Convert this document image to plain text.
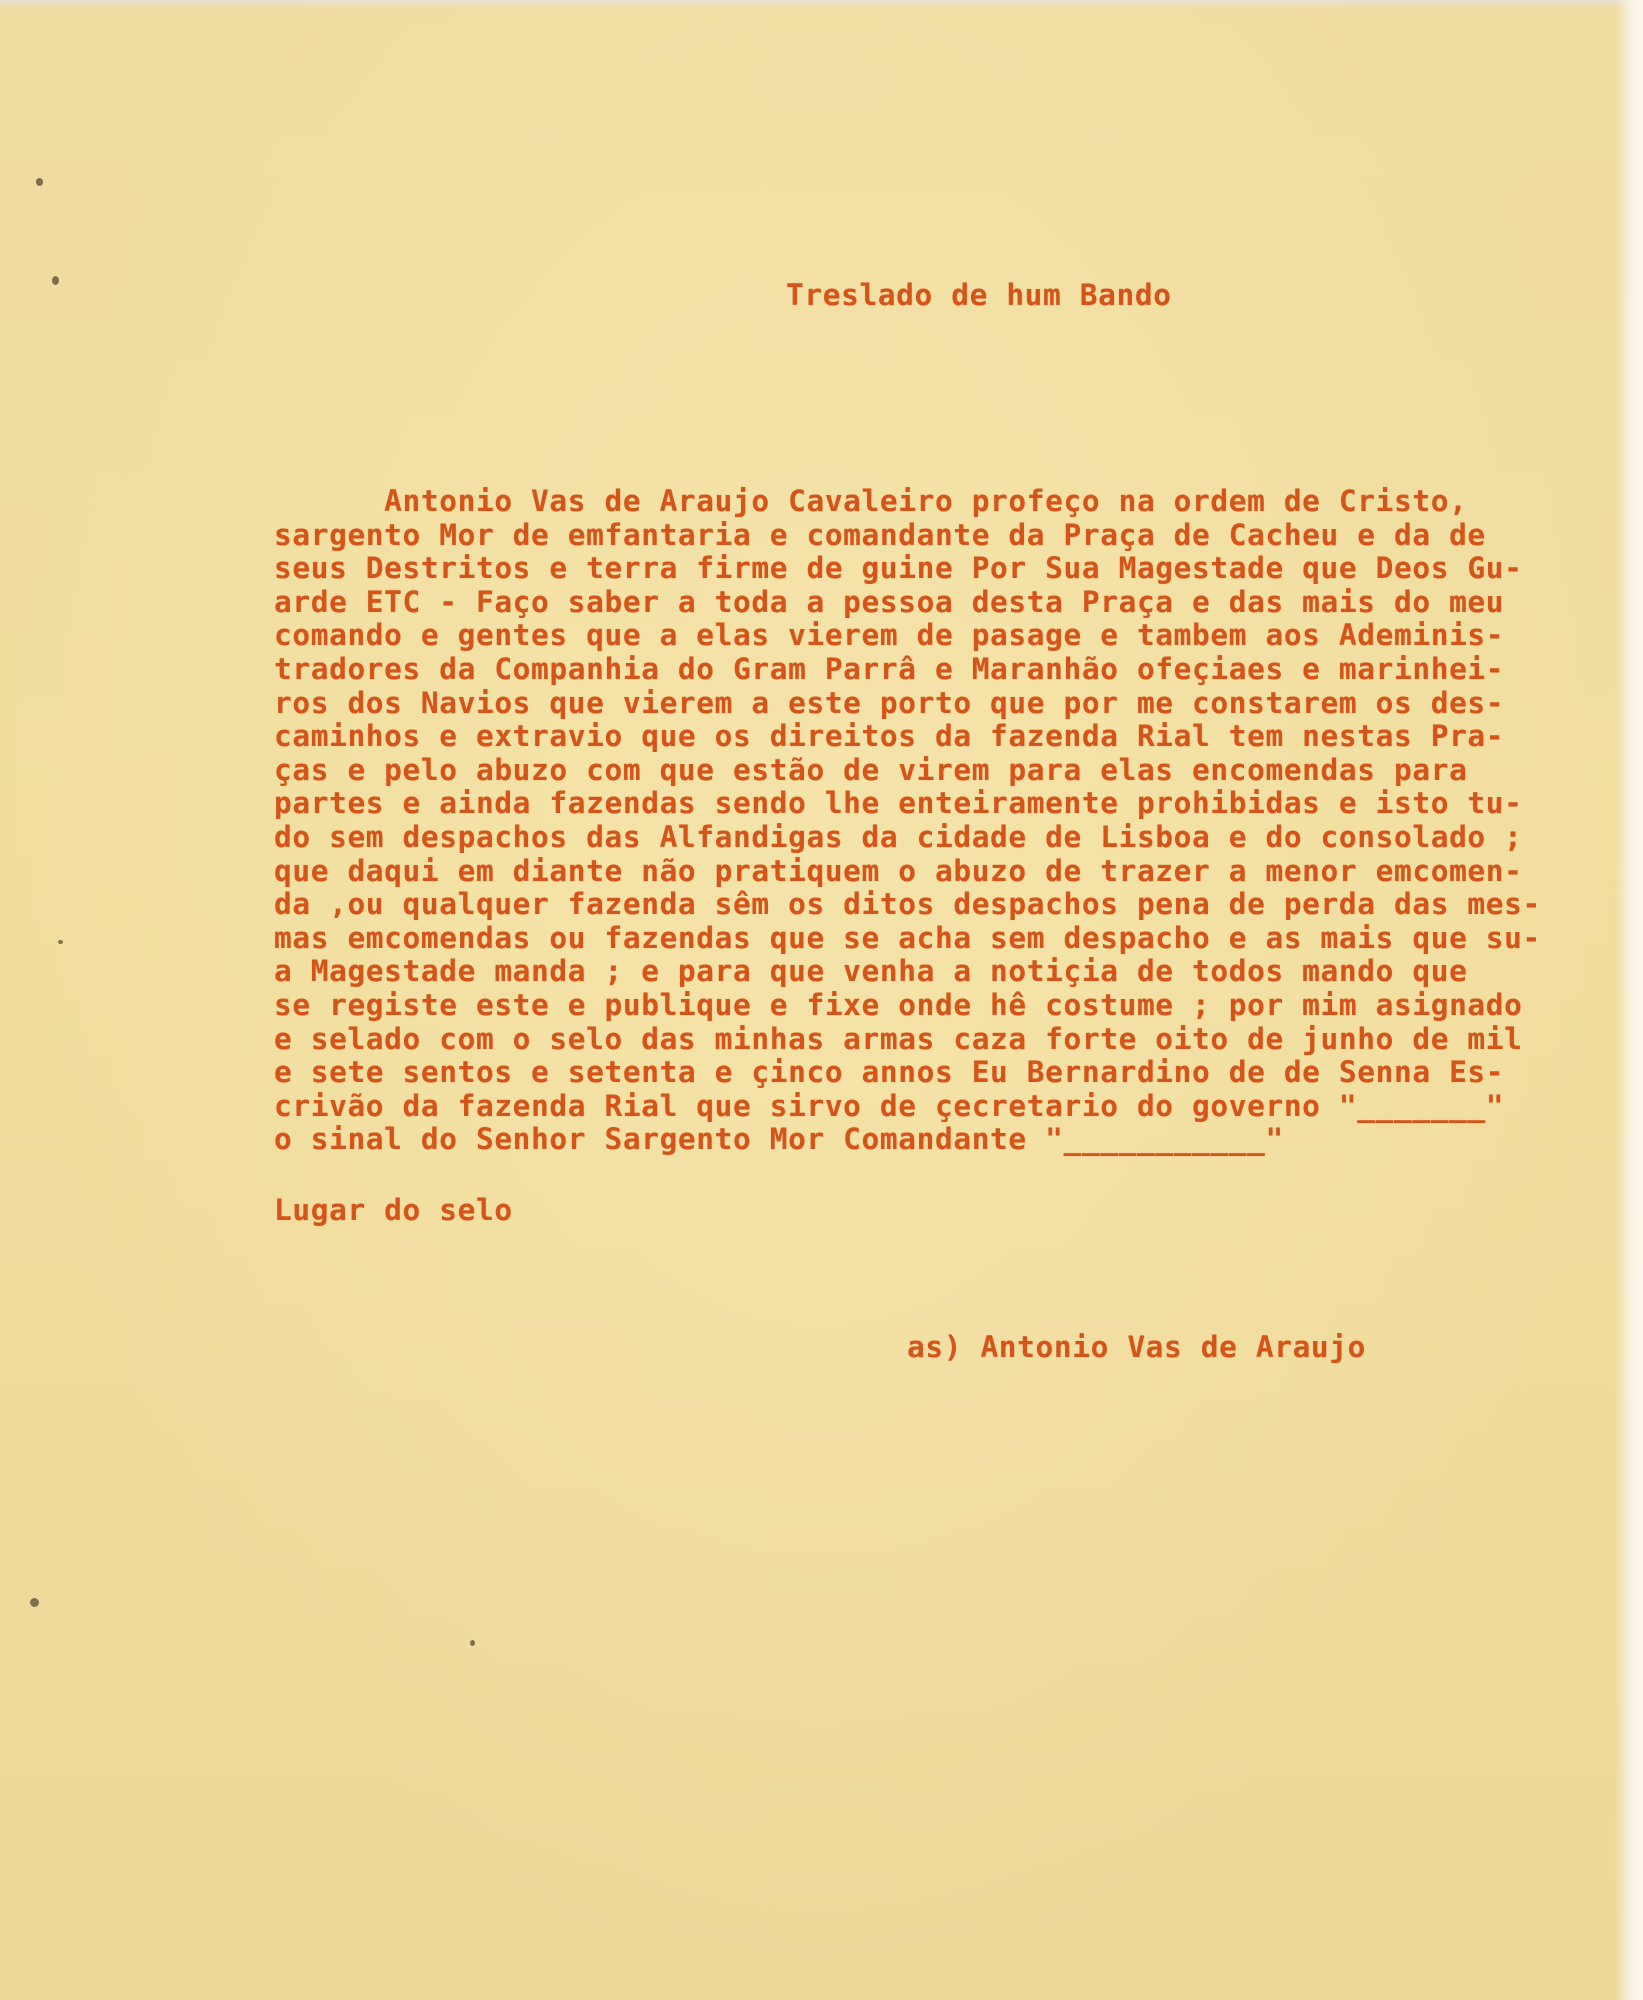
Treslado de hum Bando

Antonio Vas de Araujo Cavaleiro profeço na ordem de Cristo,
sargento Mor de emfantaria e comandante da Praça de Cacheu e da de
seus Destritos e terra firme de guine Por Sua Magestade que Deos Gu-
arde ETC - Faço saber a toda a pessoa desta Praça e das mais do meu
comando e gentes que a elas vierem de pasage e tambem aos Ademinis-
tradores da Companhia do Gram Parrâ e Maranhão ofeçiaes e marinhei-
ros dos Navios que vierem a este porto que por me constarem os des-
caminhos e extravio que os direitos da fazenda Rial tem nestas Pra-
ças e pelo abuzo com que estão de virem para elas encomendas para
partes e ainda fazendas sendo lhe enteiramente prohibidas e isto tu-
do sem despachos das Alfandigas da cidade de Lisboa e do consolado ;
que daqui em diante não pratiquem o abuzo de trazer a menor emcomen-
da ,ou qualquer fazenda sêm os ditos despachos pena de perda das mes-
mas emcomendas ou fazendas que se acha sem despacho e as mais que su-
a Magestade manda ; e para que venha a notiçia de todos mando que
se registe este e publique e fixe onde hê costume ; por mim asignado
e selado com o selo das minhas armas caza forte oito de junho de mil
e sete sentos e setenta e çinco annos Eu Bernardino de de Senna Es-
crivão da fazenda Rial que sirvo de çecretario do governo "_______"
o sinal do Senhor Sargento Mor Comandante "___________"

Lugar do selo

as) Antonio Vas de Araujo
